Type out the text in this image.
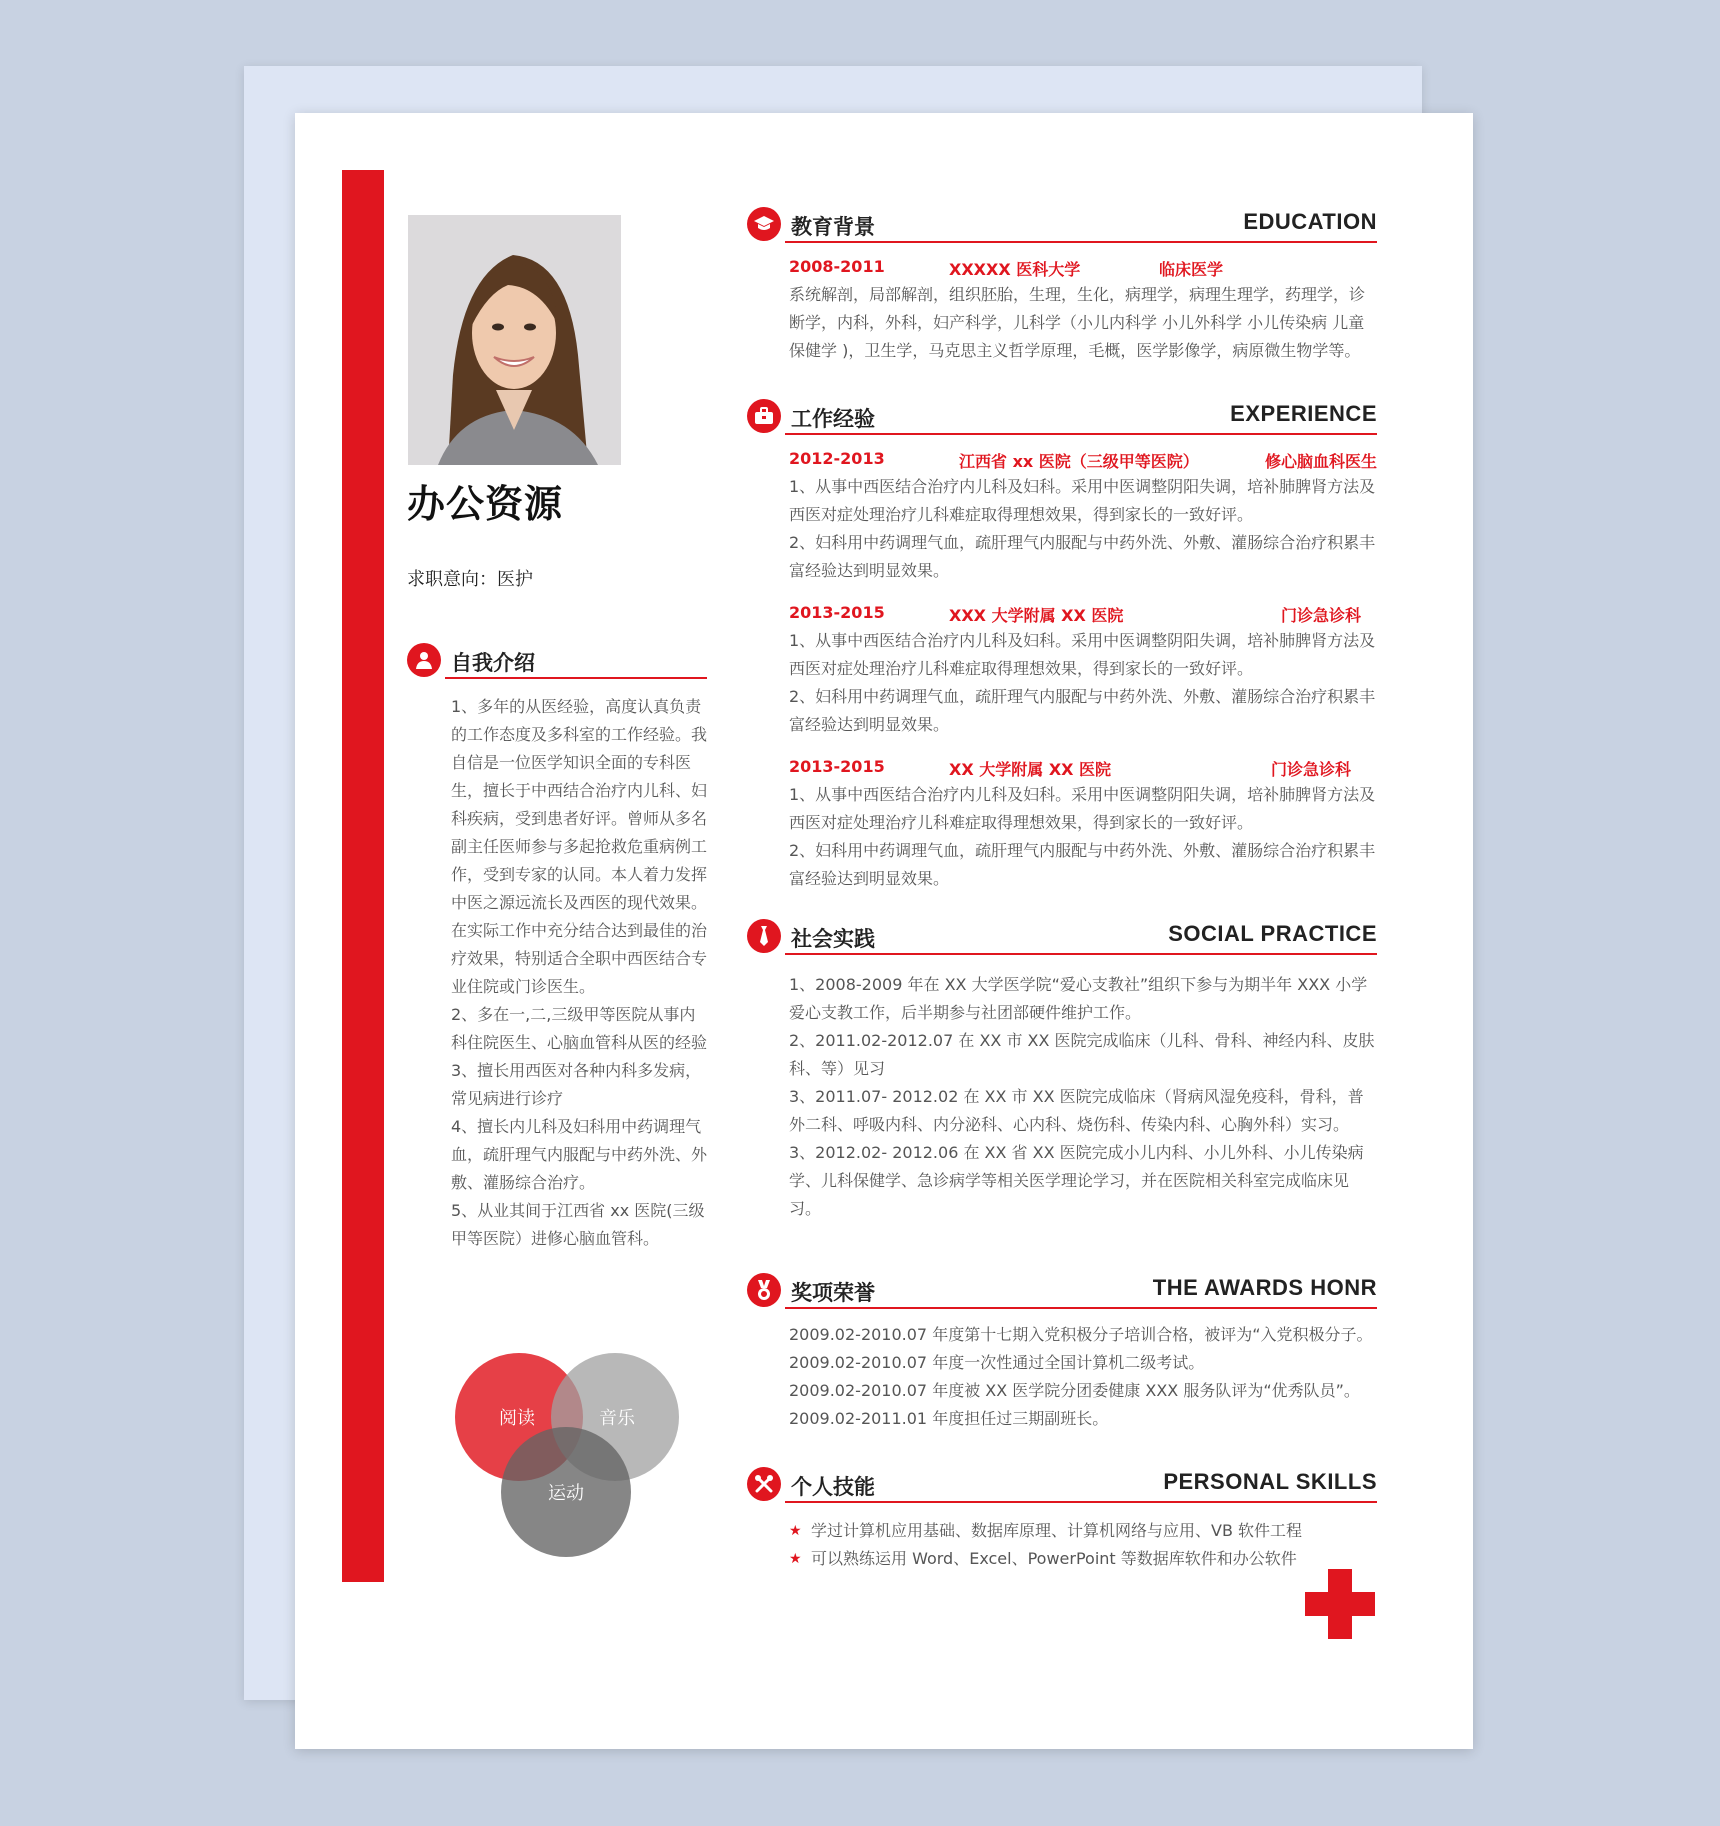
办公资源
求职意向：医护
自我介绍
1、多年的从医经验，高度认真负责的工作态度及多科室的工作经验。我自信是一位医学知识全面的专科医生，擅长于中西结合治疗内儿科、妇科疾病，受到患者好评。曾师从多名副主任医师参与多起抢救危重病例工作，受到专家的认同。本人着力发挥中医之源远流长及西医的现代效果。在实际工作中充分结合达到最佳的治疗效果，特别适合全职中西医结合专业住院或门诊医生。
2、多在一,二,三级甲等医院从事内科住院医生、心脑血管科从医的经验
3、擅长用西医对各种内科多发病，常见病进行诊疗
4、擅长内儿科及妇科用中药调理气血，疏肝理气内服配与中药外洗、外敷、灌肠综合治疗。
5、从业其间于江西省 xx 医院(三级甲等医院）进修心脑血管科。
阅读	音乐
运动
教育背景	EDUCATION
2008-2011	XXXXX 医科大学	临床医学
系统解剖，局部解剖，组织胚胎，生理，生化，病理学，病理生理学，药理学，诊断学，内科，外科，妇产科学，儿科学（小儿内科学 小儿外科学 小儿传染病 儿童保健学 )，卫生学，马克思主义哲学原理，毛概，医学影像学，病原微生物学等。
工作经验	EXPERIENCE
2012-2013	江西省 xx 医院（三级甲等医院）	修心脑血科医生
1、从事中西医结合治疗内儿科及妇科。采用中医调整阴阳失调，培补肺脾肾方法及西医对症处理治疗儿科难症取得理想效果，得到家长的一致好评。
2、妇科用中药调理气血，疏肝理气内服配与中药外洗、外敷、灌肠综合治疗积累丰富经验达到明显效果。
2013-2015	XXX 大学附属 XX 医院	门诊急诊科
1、从事中西医结合治疗内儿科及妇科。采用中医调整阴阳失调，培补肺脾肾方法及西医对症处理治疗儿科难症取得理想效果，得到家长的一致好评。
2、妇科用中药调理气血，疏肝理气内服配与中药外洗、外敷、灌肠综合治疗积累丰富经验达到明显效果。
2013-2015	XX 大学附属 XX 医院	门诊急诊科
1、从事中西医结合治疗内儿科及妇科。采用中医调整阴阳失调，培补肺脾肾方法及西医对症处理治疗儿科难症取得理想效果，得到家长的一致好评。
2、妇科用中药调理气血，疏肝理气内服配与中药外洗、外敷、灌肠综合治疗积累丰富经验达到明显效果。
社会实践	SOCIAL PRACTICE
1、2008-2009 年在 XX 大学医学院“爱心支教社”组织下参与为期半年 XXX 小学爱心支教工作，后半期参与社团部硬件维护工作。
2、2011.02-2012.07 在 XX 市 XX 医院完成临床（儿科、骨科、神经内科、皮肤科、等）见习
3、2011.07- 2012.02 在 XX 市 XX 医院完成临床（肾病风湿免疫科，骨科，普外二科、呼吸内科、内分泌科、心内科、烧伤科、传染内科、心胸外科）实习。
3、2012.02- 2012.06 在 XX 省 XX 医院完成小儿内科、小儿外科、小儿传染病学、儿科保健学、急诊病学等相关医学理论学习，并在医院相关科室完成临床见习。
奖项荣誉	THE AWARDS HONR
2009.02-2010.07 年度第十七期入党积极分子培训合格，被评为“入党积极分子。
2009.02-2010.07 年度一次性通过全国计算机二级考试。
2009.02-2010.07 年度被 XX 医学院分团委健康 XXX 服务队评为“优秀队员”。
2009.02-2011.01 年度担任过三期副班长。
个人技能	PERSONAL SKILLS
★ 学过计算机应用基础、数据库原理、计算机网络与应用、VB 软件工程
★ 可以熟练运用 Word、Excel、PowerPoint 等数据库软件和办公软件
